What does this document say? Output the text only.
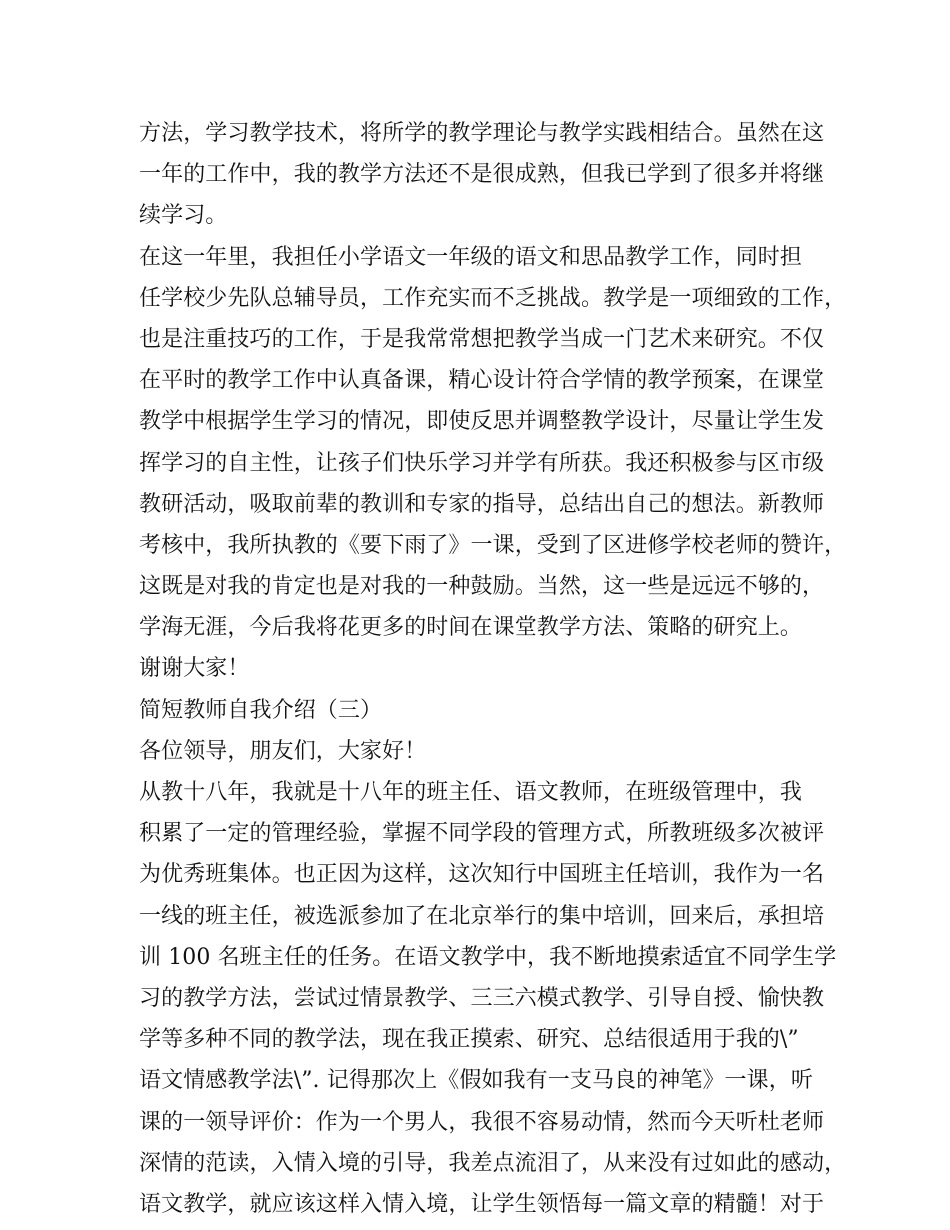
方法，学习教学技术，将所学的教学理论与教学实践相结合。虽然在这
一年的工作中，我的教学方法还不是很成熟，但我已学到了很多并将继
续学习。
在这一年里，我担任小学语文一年级的语文和思品教学工作，同时担
任学校少先队总辅导员，工作充实而不乏挑战。教学是一项细致的工作，
也是注重技巧的工作，于是我常常想把教学当成一门艺术来研究。不仅
在平时的教学工作中认真备课，精心设计符合学情的教学预案，在课堂
教学中根据学生学习的情况，即使反思并调整教学设计，尽量让学生发
挥学习的自主性，让孩子们快乐学习并学有所获。我还积极参与区市级
教研活动，吸取前辈的教训和专家的指导，总结出自己的想法。新教师
考核中，我所执教的《要下雨了》一课，受到了区进修学校老师的赞许，
这既是对我的肯定也是对我的一种鼓励。当然，这一些是远远不够的，
学海无涯，今后我将花更多的时间在课堂教学方法、策略的研究上。
谢谢大家！
简短教师自我介绍（三）
各位领导，朋友们，大家好！
从教十八年，我就是十八年的班主任、语文教师，在班级管理中，我
积累了一定的管理经验，掌握不同学段的管理方式，所教班级多次被评
为优秀班集体。也正因为这样，这次知行中国班主任培训，我作为一名
一线的班主任，被选派参加了在北京举行的集中培训，回来后，承担培
训 100 名班主任的任务。在语文教学中，我不断地摸索适宜不同学生学
习的教学方法，尝试过情景教学、三三六模式教学、引导自授、愉快教
学等多种不同的教学法，现在我正摸索、研究、总结很适用于我的\”
语文情感教学法\”. 记得那次上《假如我有一支马良的神笔》一课，听
课的一领导评价：作为一个男人，我很不容易动情，然而今天听杜老师
深情的范读，入情入境的引导，我差点流泪了，从来没有过如此的感动，
语文教学，就应该这样入情入境，让学生领悟每一篇文章的精髓！对于
